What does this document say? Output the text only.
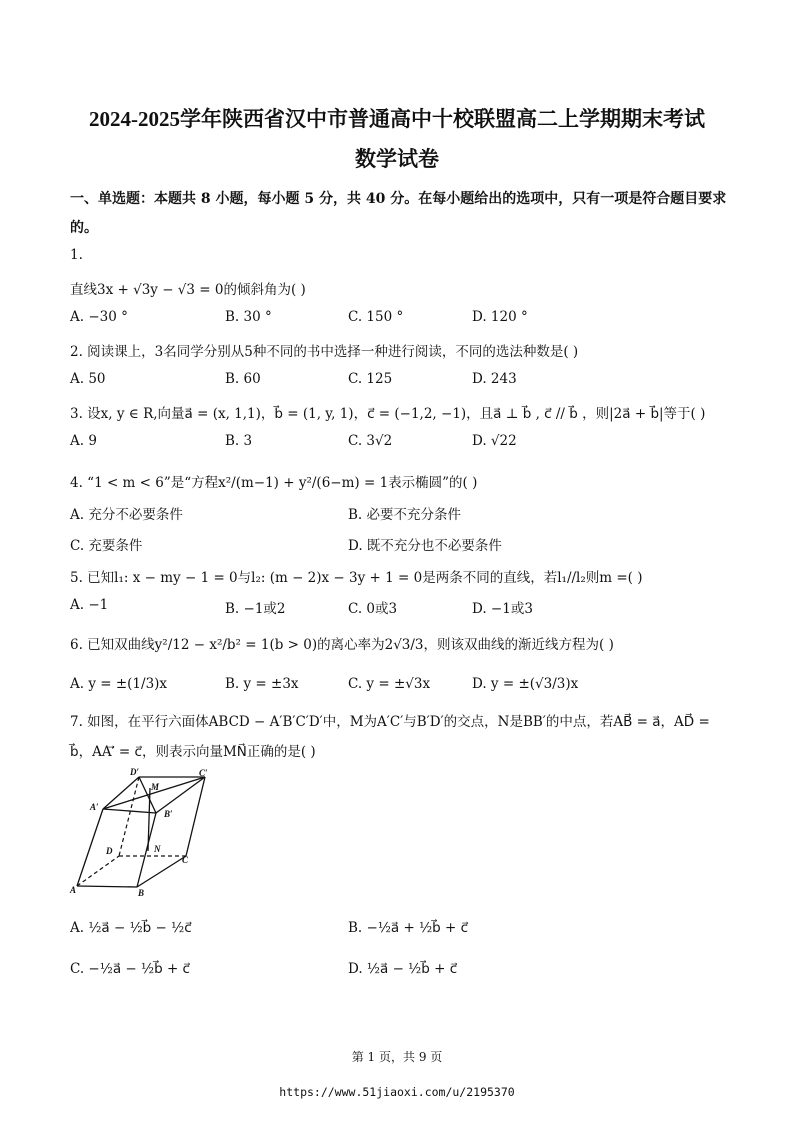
2024-2025学年陕西省汉中市普通高中十校联盟高二上学期期末考试
数学试卷
一、单选题：本题共 8 小题，每小题 5 分，共 40 分。在每小题给出的选项中，只有一项是符合题目要求
的。
1.
直线3x + √3y − √3 = 0的倾斜角为( )
A. −30 °	B. 30 °	C. 150 °	D. 120 °
2. 阅读课上，3名同学分别从5种不同的书中选择一种进行阅读，不同的选法种数是( )
A. 50	B. 60	C. 125	D. 243
3. 设x, y ∈ R,向量a⃗ = (x, 1,1)，b⃗ = (1, y, 1)，c⃗ = (−1,2, −1)，且a⃗ ⊥ b⃗ , c⃗ // b⃗ ，则|2a⃗ + b⃗|等于( )
A. 9	B. 3	C. 3√2	D. √22
4. “1 < m < 6”是“方程x²/(m−1) + y²/(6−m) = 1表示椭圆”的( )
A. 充分不必要条件	B. 必要不充分条件
C. 充要条件	D. 既不充分也不必要条件
5. 已知l₁: x − my − 1 = 0与l₂: (m − 2)x − 3y + 1 = 0是两条不同的直线，若l₁//l₂则m =( )
A. −1	B. −1或2	C. 0或3	D. −1或3
6. 已知双曲线y²/12 − x²/b² = 1(b > 0)的离心率为2√3/3，则该双曲线的渐近线方程为( )
A. y = ±(1/3)x	B. y = ±3x	C. y = ±√3x	D. y = ±(√3/3)x
7. 如图，在平行六面体ABCD − A′B′C′D′中，M为A′C′与B′D′的交点，N是BB′的中点，若AB⃗ = a⃗，AD⃗ =
b⃗，AA′⃗ = c⃗，则表示向量MN⃗正确的是( )
D′
M
C′
A′
B′
D	N
C
A	B
A. ½a⃗ − ½b⃗ − ½c⃗	B. −½a⃗ + ½b⃗ + c⃗
C. −½a⃗ − ½b⃗ + c⃗	D. ½a⃗ − ½b⃗ + c⃗
第 1 页，共 9 页
https://www.51jiaoxi.com/u/2195370
